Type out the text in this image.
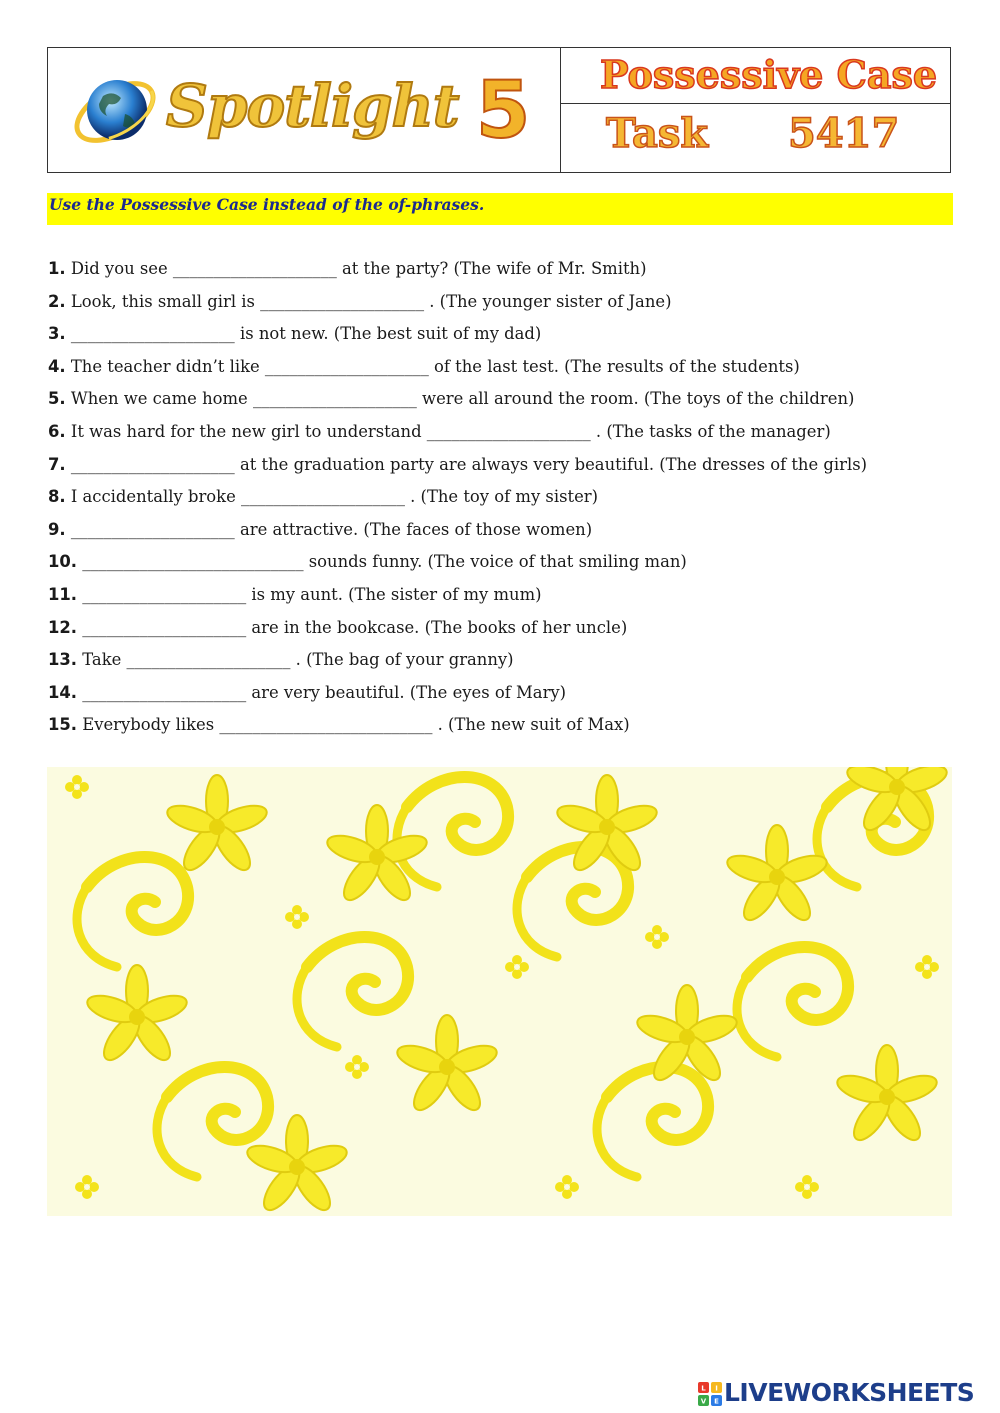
Spotlight 5 Possessive Case
Task 5417
Use the Possessive Case instead of the of-phrases.
1. Did you see ____________________ at the party? (The wife of Mr. Smith)
2. Look, this small girl is ____________________ . (The younger sister of Jane)
3. ____________________ is not new. (The best suit of my dad)
4. The teacher didn’t like ____________________ of the last test. (The results of the students)
5. When we came home ____________________ were all around the room. (The toys of the children)
6. It was hard for the new girl to understand ____________________ . (The tasks of the manager)
7. ____________________ at the graduation party are always very beautiful. (The dresses of the girls)
8. I accidentally broke ____________________ . (The toy of my sister)
9. ____________________ are attractive. (The faces of those women)
10. ___________________________ sounds funny. (The voice of that smiling man)
11. ____________________ is my aunt. (The sister of my mum)
12. ____________________ are in the bookcase. (The books of her uncle)
13. Take ____________________ . (The bag of your granny)
14. ____________________ are very beautiful. (The eyes of Mary)
15. Everybody likes __________________________ . (The new suit of Max)
L I
V E LIVEWORKSHEETS
